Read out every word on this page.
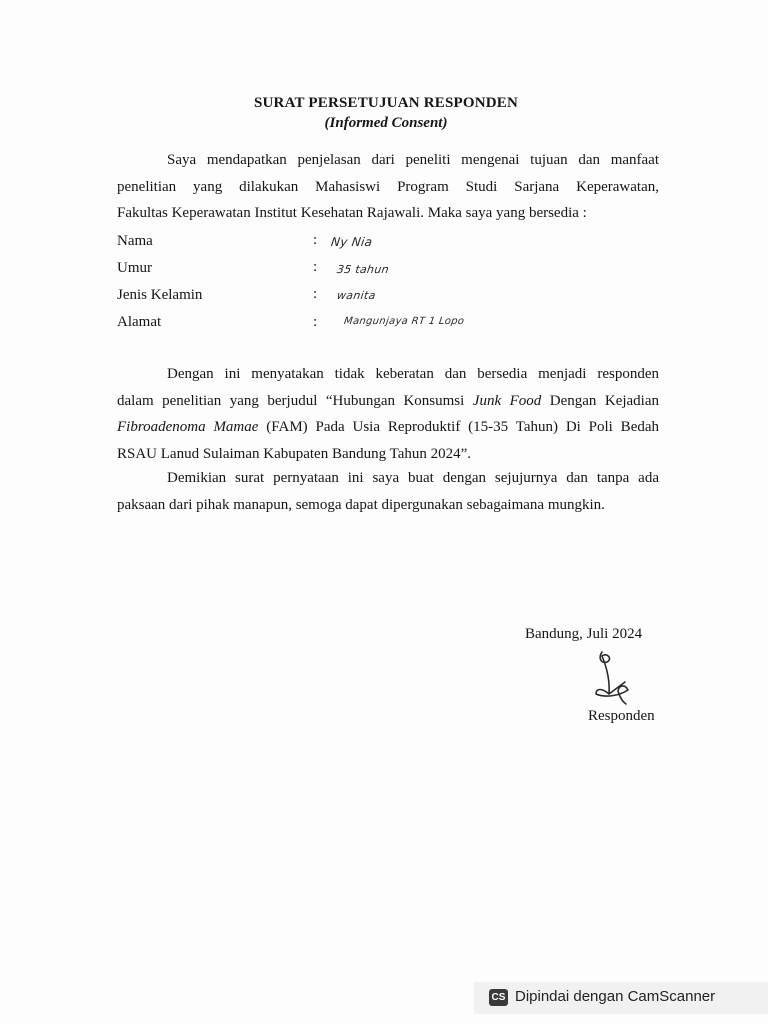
SURAT PERSETUJUAN RESPONDEN
(Informed Consent)
Saya mendapatkan penjelasan dari peneliti mengenai tujuan dan manfaat
penelitian yang dilakukan Mahasiswi Program Studi Sarjana Keperawatan,
Fakultas Keperawatan Institut Kesehatan Rajawali. Maka saya yang bersedia :
Nama	: Ny Nia
Umur	: 35 tahun
Jenis Kelamin	: wanita
Alamat	:	Mangunjaya RT 1 Lopo
Dengan ini menyatakan tidak keberatan dan bersedia menjadi responden
dalam penelitian yang berjudul “Hubungan Konsumsi Junk Food Dengan Kejadian
Fibroadenoma Mamae (FAM) Pada Usia Reproduktif (15-35 Tahun) Di Poli Bedah
RSAU Lanud Sulaiman Kabupaten Bandung Tahun 2024”.
Demikian surat pernyataan ini saya buat dengan sejujurnya dan tanpa ada
paksaan dari pihak manapun, semoga dapat dipergunakan sebagaimana mungkin.
Bandung, Juli 2024
Responden
CS Dipindai dengan CamScanner
